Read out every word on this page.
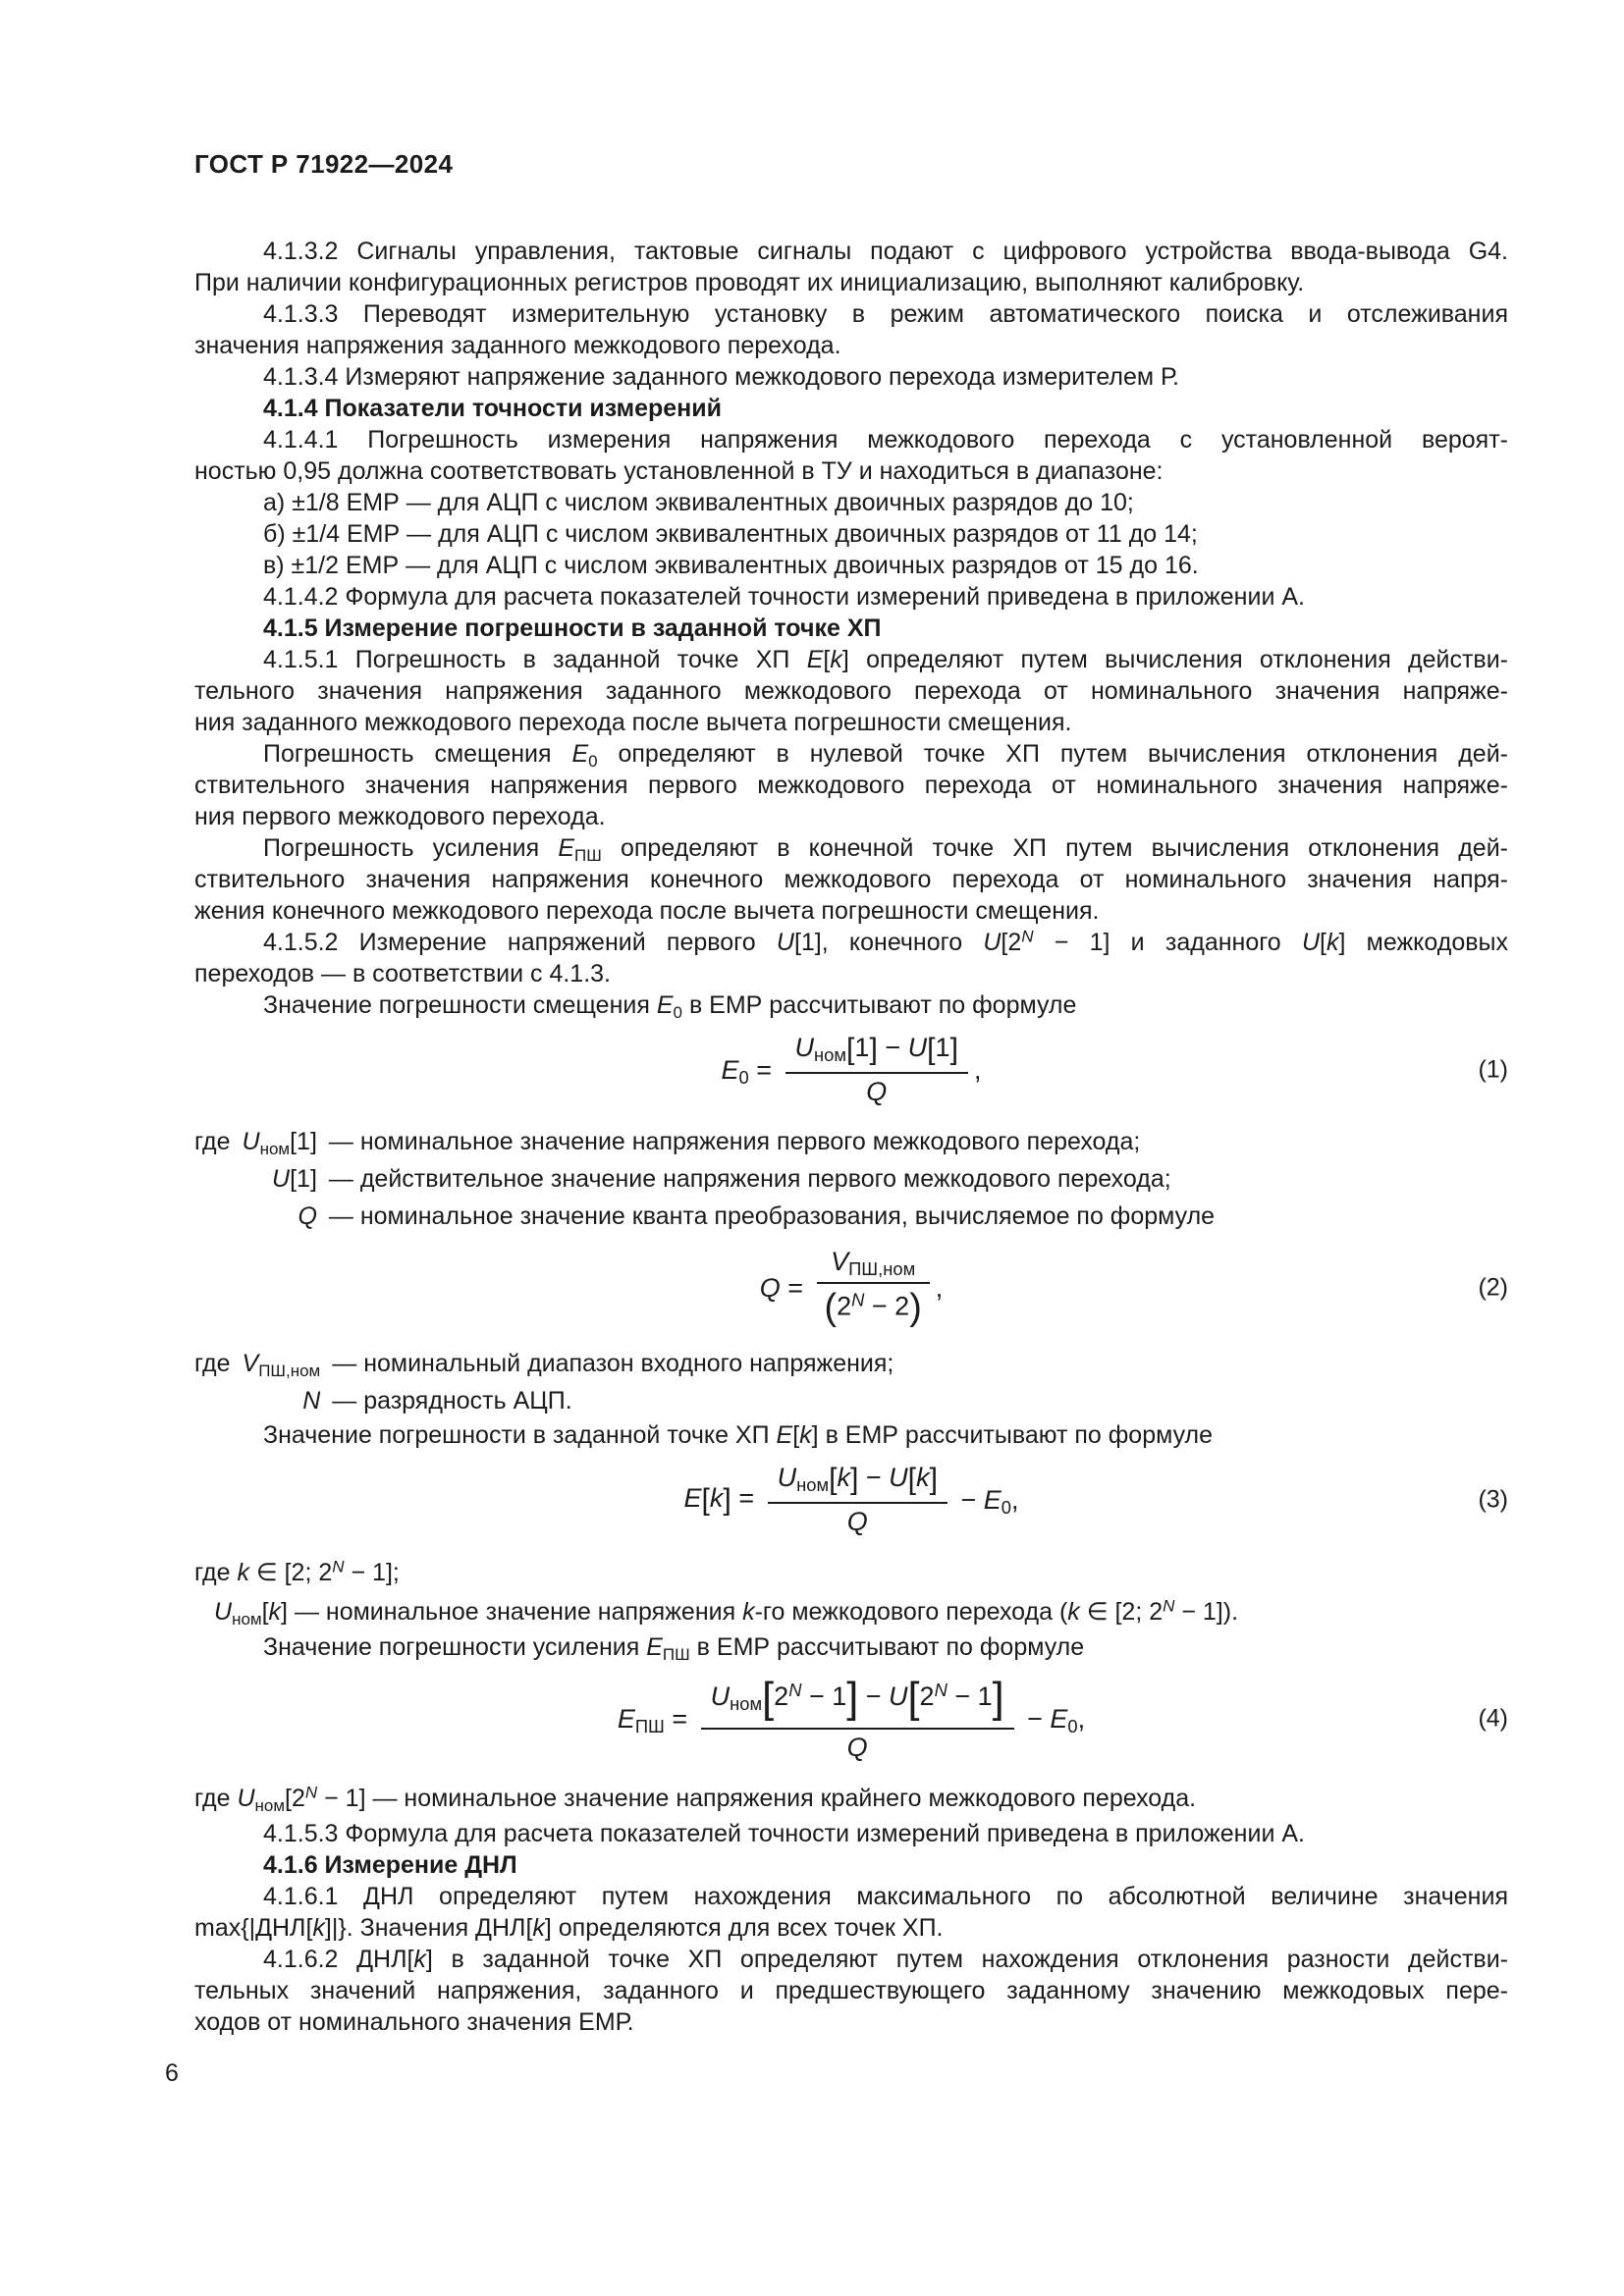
ГОСТ Р 71922—2024
4.1.3.2 Сигналы управления, тактовые сигналы подают с цифрового устройства ввода-вывода G4.
При наличии конфигурационных регистров проводят их инициализацию, выполняют калибровку.
4.1.3.3 Переводят измерительную установку в режим автоматического поиска и отслеживания
значения напряжения заданного межкодового перехода.
4.1.3.4 Измеряют напряжение заданного межкодового перехода измерителем Р.
4.1.4 Показатели точности измерений
4.1.4.1 Погрешность измерения напряжения межкодового перехода с установленной вероят-
ностью 0,95 должна соответствовать установленной в ТУ и находиться в диапазоне:
а) ±1/8 ЕМР — для АЦП с числом эквивалентных двоичных разрядов до 10;
б) ±1/4 ЕМР — для АЦП с числом эквивалентных двоичных разрядов от 11 до 14;
в) ±1/2 ЕМР — для АЦП с числом эквивалентных двоичных разрядов от 15 до 16.
4.1.4.2 Формула для расчета показателей точности измерений приведена в приложении А.
4.1.5 Измерение погрешности в заданной точке ХП
4.1.5.1 Погрешность в заданной точке ХП E[k] определяют путем вычисления отклонения действи-
тельного значения напряжения заданного межкодового перехода от номинального значения напряже-
ния заданного межкодового перехода после вычета погрешности смещения.
Погрешность смещения E0 определяют в нулевой точке ХП путем вычисления отклонения дей-
ствительного значения напряжения первого межкодового перехода от номинального значения напряже-
ния первого межкодового перехода.
Погрешность усиления EПШ определяют в конечной точке ХП путем вычисления отклонения дей-
ствительного значения напряжения конечного межкодового перехода от номинального значения напря-
жения конечного межкодового перехода после вычета погрешности смещения.
4.1.5.2 Измерение напряжений первого U[1], конечного $U[2^N - 1]$ и заданного U[k] межкодовых
переходов — в соответствии с 4.1.3.
Значение погрешности смещения E0 в ЕМР рассчитывают по формуле
$E0 = \frac{\text{Uном[1] − U[1]}}{Q}$ ,	(1)
где Uном[1] — номинальное значение напряжения первого межкодового перехода;
U[1] — действительное значение напряжения первого межкодового перехода;
Q — номинальное значение кванта преобразования, вычисляемое по формуле
$Q = \frac{\text{VПШ,ном}}{(2^N - 2)}$ ,	(2)
где VПШ,ном — номинальный диапазон входного напряжения;
N — разрядность АЦП.
Значение погрешности в заданной точке ХП E[k] в ЕМР рассчитывают по формуле
$E[k] = \frac{\text{Uном[k] − U[k]}}{Q} - E0$,	(3)
где k ∈ [2; $2^N - 1$];
Uном[k] — номинальное значение напряжения k-го межкодового перехода (k ∈ [2; $2^N - 1$]).
Значение погрешности усиления EПШ в ЕМР рассчитывают по формуле
EПШ = $\frac{Uном[2^N - 1] - U[2^N - 1]}{Q} - E0$,	(4)
где $Uном[2^N - 1]$ — номинальное значение напряжения крайнего межкодового перехода.
4.1.5.3 Формула для расчета показателей точности измерений приведена в приложении А.
4.1.6 Измерение ДНЛ
4.1.6.1 ДНЛ определяют путем нахождения максимального по абсолютной величине значения
max{|ДНЛ[k]|}. Значения ДНЛ[k] определяются для всех точек ХП.
4.1.6.2 ДНЛ[k] в заданной точке ХП определяют путем нахождения отклонения разности действи-
тельных значений напряжения, заданного и предшествующего заданному значению межкодовых пере-
ходов от номинального значения ЕМР.
6
